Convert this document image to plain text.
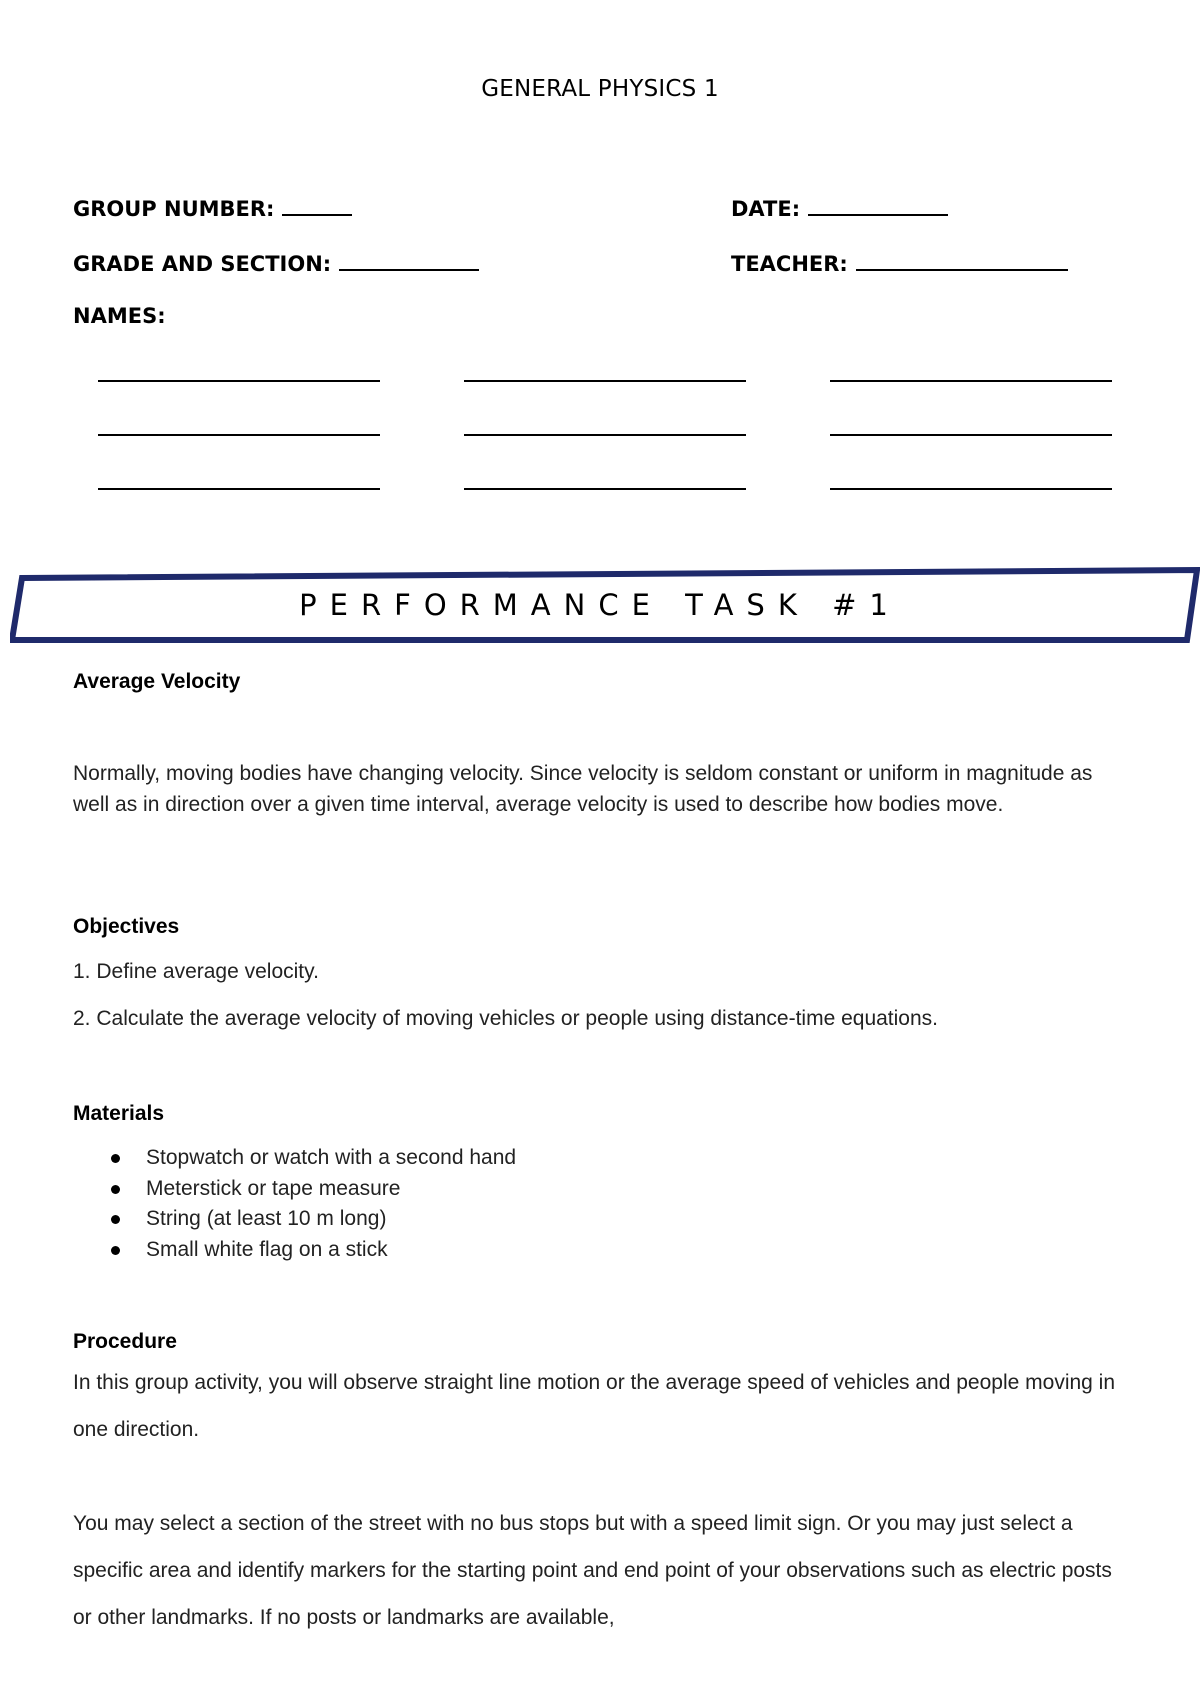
GENERAL PHYSICS 1
GROUP NUMBER:	DATE:
GRADE AND SECTION:	TEACHER:
NAMES:
PERFORMANCE TASK #1
Average Velocity
Normally, moving bodies have changing velocity. Since velocity is seldom constant or uniform in magnitude as well as in direction over a given time interval, average velocity is used to describe how bodies move.
Objectives
1. Define average velocity.
2. Calculate the average velocity of moving vehicles or people using distance-time equations.
Materials
Stopwatch or watch with a second hand
Meterstick or tape measure
String (at least 10 m long)
Small white flag on a stick
Procedure
In this group activity, you will observe straight line motion or the average speed of vehicles and people moving in one direction.
You may select a section of the street with no bus stops but with a speed limit sign. Or you may just select a specific area and identify markers for the starting point and end point of your observations such as electric posts or other landmarks. If no posts or landmarks are available,
